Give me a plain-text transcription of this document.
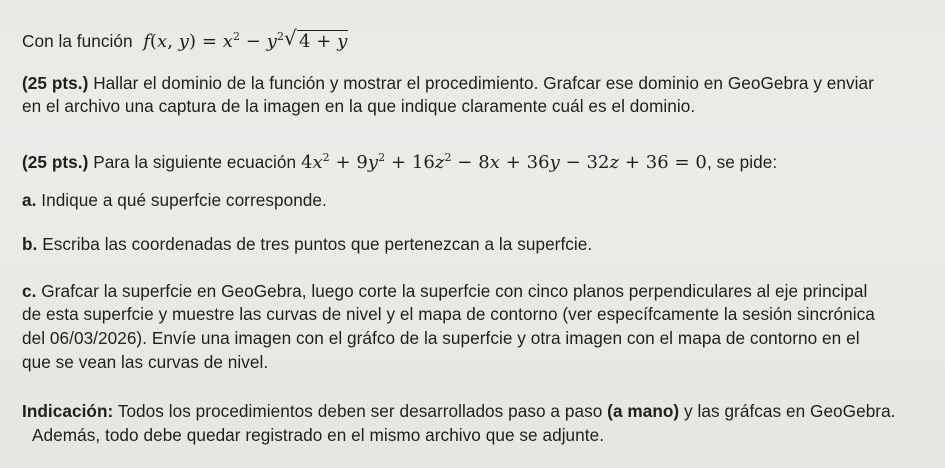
Con la función  f(x, $y) = x^2 - y^2$ √ 4 + y
(25 pts.) Hallar el dominio de la función y mostrar el procedimiento. Grafcar ese dominio en GeoGebra y enviar
en el archivo una captura de la imagen en la que indique claramente cuál es el dominio.
(25 pts.) Para la siguiente ecuación $4x^2 + 9y^2 + 16z^2 - 8x + 36y - 32z + 36 = 0$, se pide:
a. Indique a qué superfcie corresponde.
b. Escriba las coordenadas de tres puntos que pertenezcan a la superfcie.
c. Grafcar la superfcie en GeoGebra, luego corte la superfcie con cinco planos perpendiculares al eje principal
de esta superfcie y muestre las curvas de nivel y el mapa de contorno (ver específcamente la sesión sincrónica
del 06/03/2026). Envíe una imagen con el gráfco de la superfcie y otra imagen con el mapa de contorno en el
que se vean las curvas de nivel.
Indicación: Todos los procedimientos deben ser desarrollados paso a paso (a mano) y las gráfcas en GeoGebra.
Además, todo debe quedar registrado en el mismo archivo que se adjunte.
